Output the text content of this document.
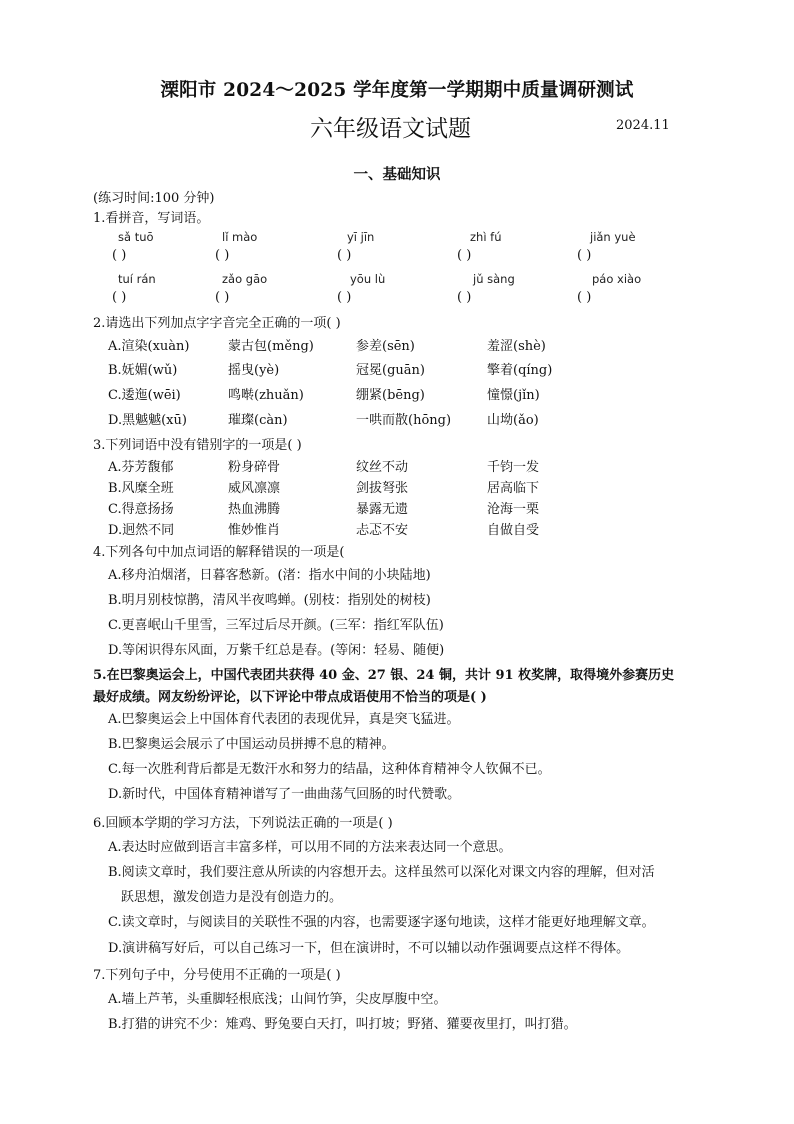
溧阳市 2024～2025 学年度第一学期期中质量调研测试
六年级语文试题	2024.11
一、基础知识
(练习时间:100 分钟)
1.看拼音，写词语。
sǎ tuō	lǐ mào	yī jīn	zhì fú	jiǎn yuè
( )	( )	( )	( )	( )
tuí rán	zǎo gāo	yōu lù	jǔ sàng	páo xiào
( )	( )	( )	( )	( )
2.请选出下列加点字字音完全正确的一项( )
A.渲染(xuàn)	蒙古包(měng)	参差(sēn)	羞涩(shè)
B.妩媚(wǔ)	摇曳(yè)	冠冕(guān)	擎着(qíng)
C.逶迤(wēi)	鸣啭(zhuǎn)	绷紧(bēng)	憧憬(jǐn)
D.黑魆魆(xū)	璀璨(càn)	一哄而散(hōng)	山坳(ǎo)
3.下列词语中没有错别字的一项是( )
A.芬芳馥郁	粉身碎骨	纹丝不动	千钧一发
B.风糜全班	威风凛凛	剑拔弩张	居高临下
C.得意扬扬	热血沸腾	暴露无遗	沧海一栗
D.迥然不同	惟妙惟肖	忐忑不安	自做自受
4.下列各句中加点词语的解释错误的一项是(
A.移舟泊烟渚，日暮客愁新。(渚：指水中间的小块陆地)
B.明月别枝惊鹊，清风半夜鸣蝉。(别枝：指别处的树枝)
C.更喜岷山千里雪，三军过后尽开颜。(三军：指红军队伍)
D.等闲识得东风面，万紫千红总是春。(等闲：轻易、随便)
5.在巴黎奥运会上，中国代表团共获得 40 金、27 银、24 铜，共计 91 枚奖牌，取得境外参赛历史
最好成绩。网友纷纷评论，以下评论中带点成语使用不恰当的项是( )
A.巴黎奥运会上中国体育代表团的表现优异，真是突飞猛进。
B.巴黎奥运会展示了中国运动员拼搏不息的精神。
C.每一次胜利背后都是无数汗水和努力的结晶，这种体育精神令人钦佩不已。
D.新时代，中国体育精神谱写了一曲曲荡气回肠的时代赞歌。
6.回顾本学期的学习方法，下列说法正确的一项是( )
A.表达时应做到语言丰富多样，可以用不同的方法来表达同一个意思。
B.阅读文章时，我们要注意从所读的内容想开去。这样虽然可以深化对课文内容的理解，但对活
跃思想，激发创造力是没有创造力的。
C.读文章时，与阅读目的关联性不强的内容，也需要逐字逐句地读，这样才能更好地理解文章。
D.演讲稿写好后，可以自己练习一下，但在演讲时，不可以辅以动作强调要点这样不得体。
7.下列句子中，分号使用不正确的一项是( )
A.墙上芦苇，头重脚轻根底浅；山间竹笋，尖皮厚腹中空。
B.打猎的讲究不少：雉鸡、野兔要白天打，叫打坡；野猪、獾要夜里打，叫打猎。
